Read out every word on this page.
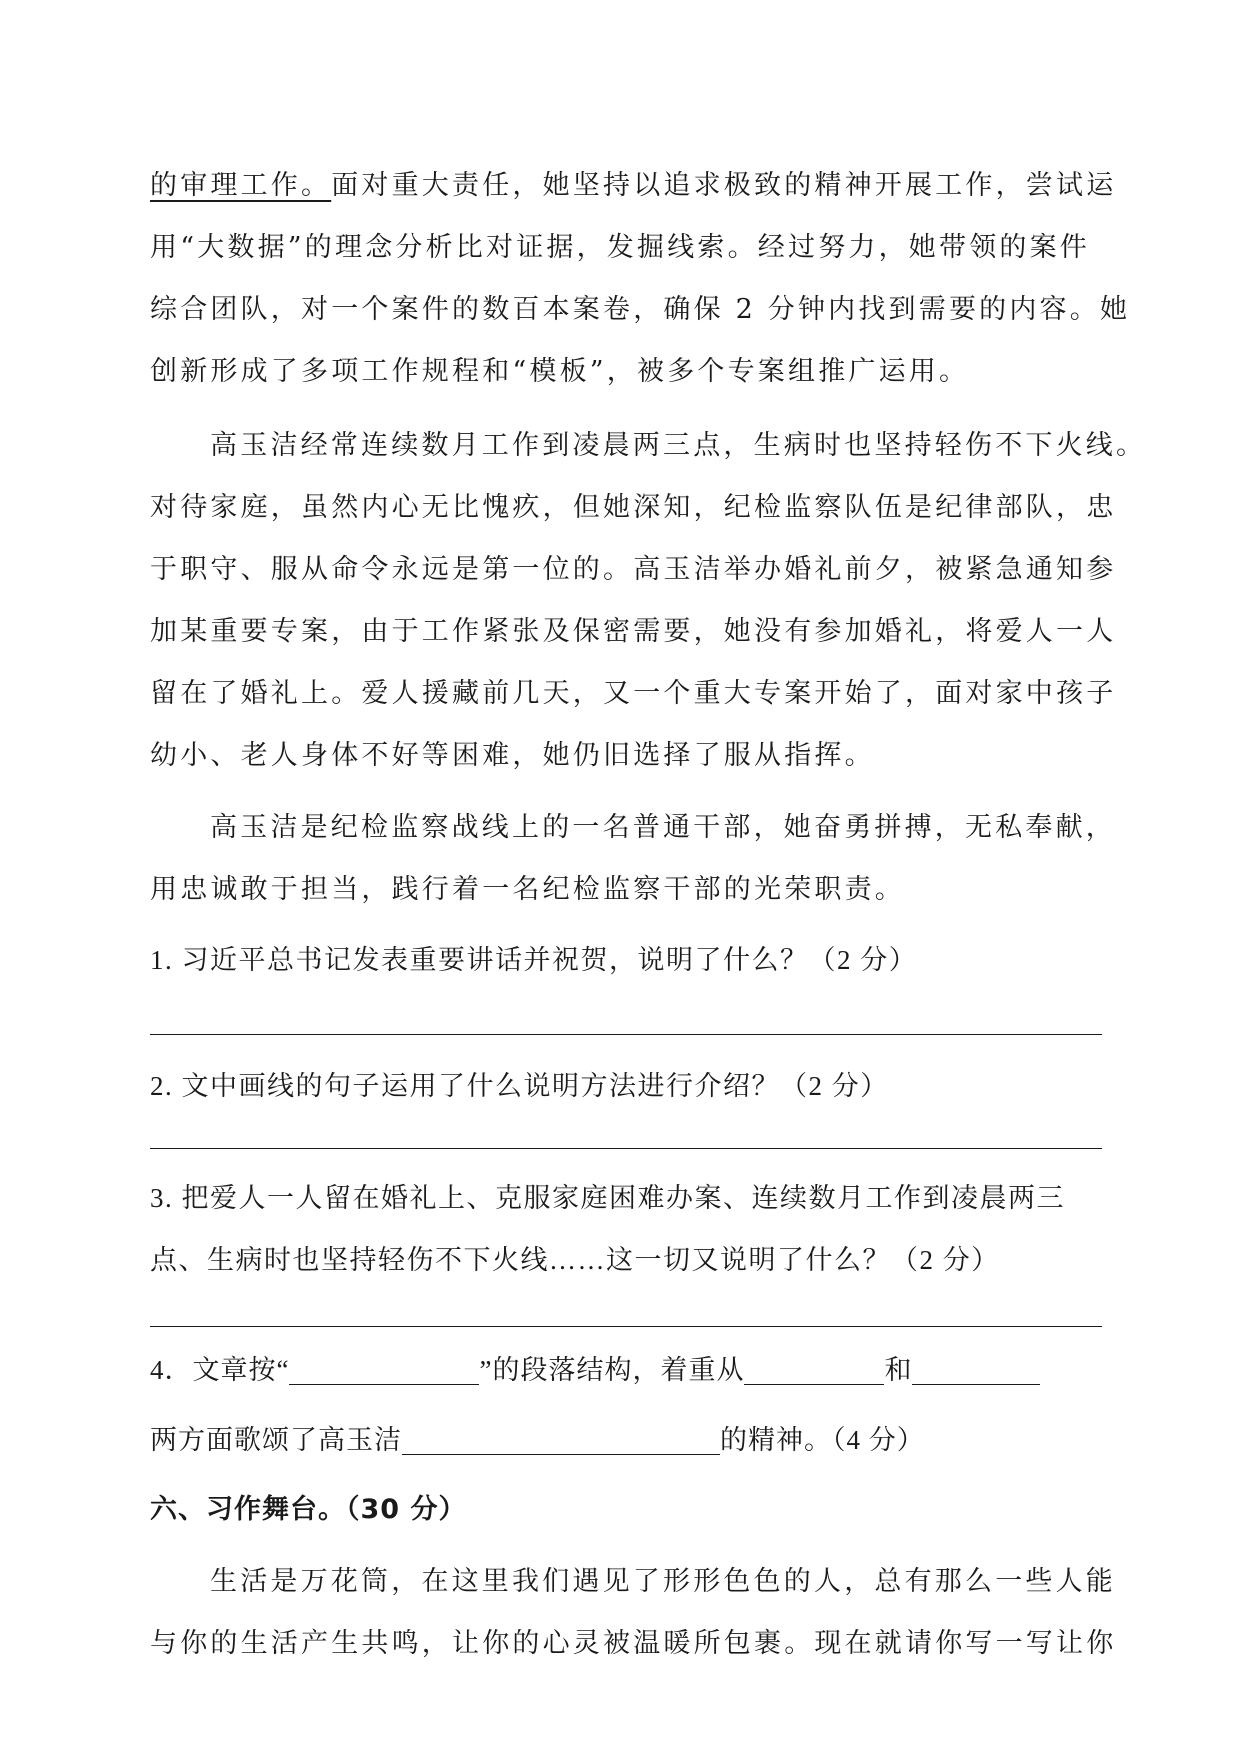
的审理工作。面对重大责任，她坚持以追求极致的精神开展工作，尝试运
用“大数据”的理念分析比对证据，发掘线索。经过努力，她带领的案件
综合团队，对一个案件的数百本案卷，确保 2 分钟内找到需要的内容。她
创新形成了多项工作规程和“模板”，被多个专案组推广运用。
高玉洁经常连续数月工作到凌晨两三点，生病时也坚持轻伤不下火线。
对待家庭，虽然内心无比愧疚，但她深知，纪检监察队伍是纪律部队，忠
于职守、服从命令永远是第一位的。高玉洁举办婚礼前夕，被紧急通知参
加某重要专案，由于工作紧张及保密需要，她没有参加婚礼，将爱人一人
留在了婚礼上。爱人援藏前几天，又一个重大专案开始了，面对家中孩子
幼小、老人身体不好等困难，她仍旧选择了服从指挥。
高玉洁是纪检监察战线上的一名普通干部，她奋勇拼搏，无私奉献，
用忠诚敢于担当，践行着一名纪检监察干部的光荣职责。
1. 习近平总书记发表重要讲话并祝贺，说明了什么？（2 分）
2. 文中画线的句子运用了什么说明方法进行介绍？（2 分）
3. 把爱人一人留在婚礼上、克服家庭困难办案、连续数月工作到凌晨两三
点、生病时也坚持轻伤不下火线……这一切又说明了什么？（2 分）
4．文章按“	”的段落结构，着重从	和
两方面歌颂了高玉洁	的精神。（4 分）
六、习作舞台。（30 分）
生活是万花筒，在这里我们遇见了形形色色的人，总有那么一些人能
与你的生活产生共鸣，让你的心灵被温暖所包裹。现在就请你写一写让你
